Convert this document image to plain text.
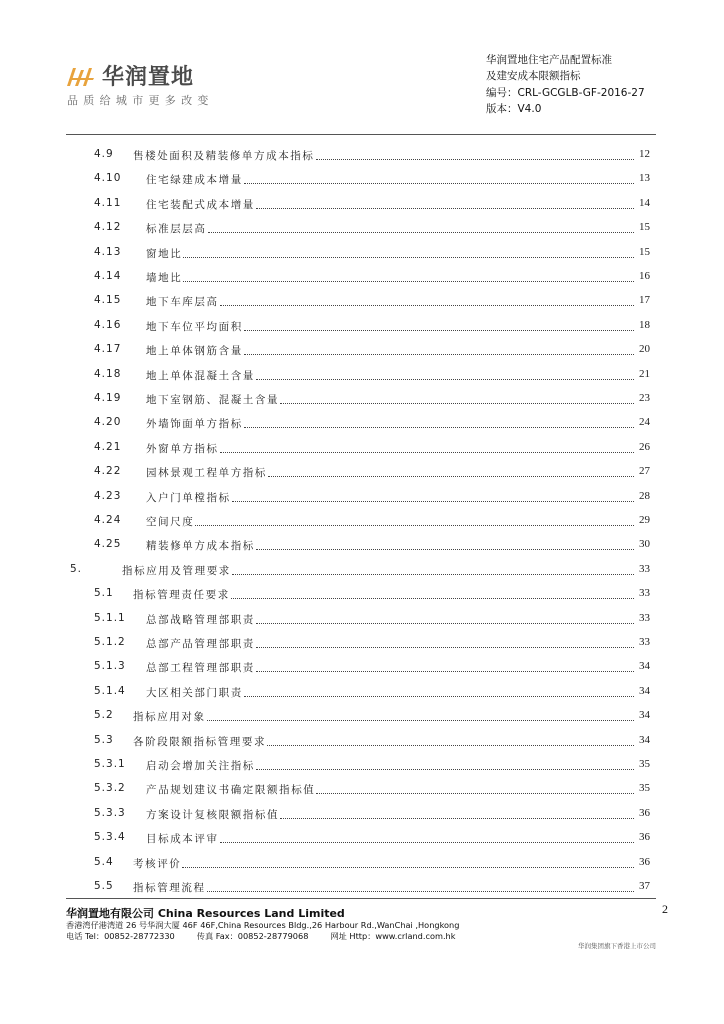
华润置地
品质给城市更多改变
华润置地住宅产品配置标准
及建安成本限额指标
编号：CRL-GCGLB-GF-2016-27
版本：V4.0
4.9 售楼处面积及精装修单方成本指标	12
4.10 住宅绿建成本增量	13
4.11 住宅装配式成本增量	14
4.12 标准层层高	15
4.13 窗地比	15
4.14 墙地比	16
4.15 地下车库层高	17
4.16 地下车位平均面积	18
4.17 地上单体钢筋含量	20
4.18 地上单体混凝土含量	21
4.19 地下室钢筋、混凝土含量	23
4.20 外墙饰面单方指标	24
4.21 外窗单方指标	26
4.22 园林景观工程单方指标	27
4.23 入户门单樘指标	28
4.24 空间尺度	29
4.25 精装修单方成本指标	30
5.	指标应用及管理要求	33
5.1 指标管理责任要求	33
5.1.1 总部战略管理部职责	33
5.1.2 总部产品管理部职责	33
5.1.3 总部工程管理部职责	34
5.1.4 大区相关部门职责	34
5.2 指标应用对象	34
5.3 各阶段限额指标管理要求	34
5.3.1 启动会增加关注指标	35
5.3.2 产品规划建议书确定限额指标值	35
5.3.3 方案设计复核限额指标值	36
5.3.4 目标成本评审	36
5.4 考核评价	36
5.5 指标管理流程	37
华润置地有限公司 China Resources Land Limited	2
香港湾仔港湾道 26 号华润大厦 46F 46F,China Resources Bldg.,26 Harbour Rd.,WanChai ,Hongkong
电话 Tel：00852-28772330	传真 Fax：00852-28779068	网址 Http：www.crland.com.hk
华润集团旗下香港上市公司
